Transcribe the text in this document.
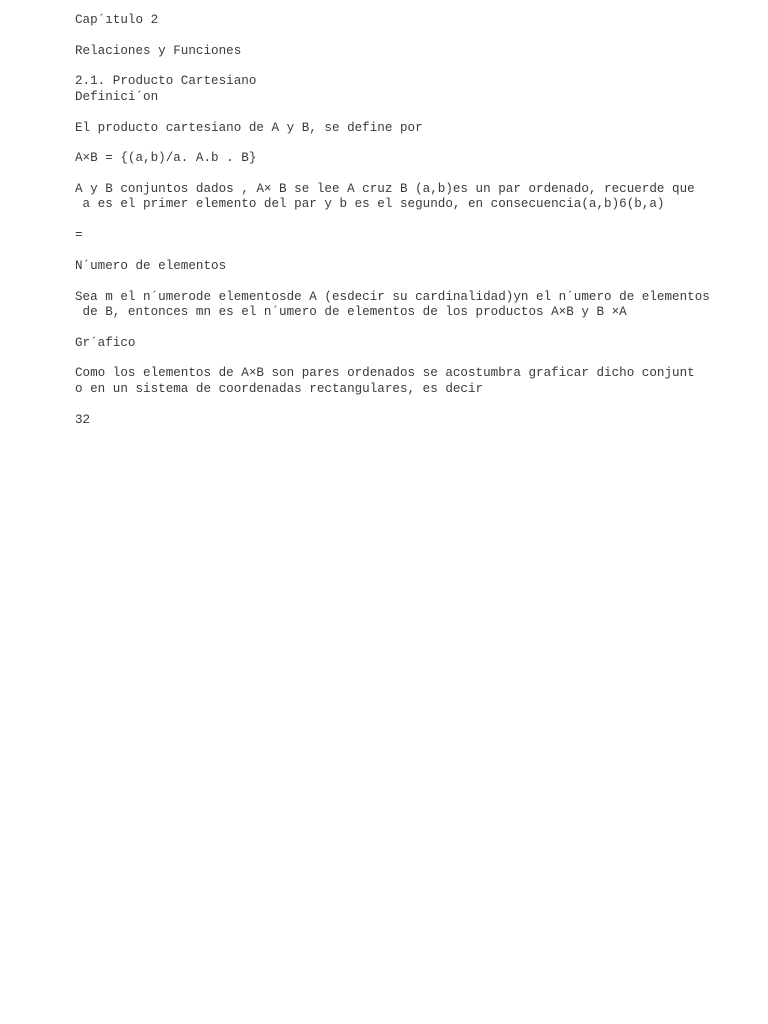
Cap´ıtulo 2
Relaciones y Funciones
2.1. Producto Cartesiano
Definici´on
El producto cartesiano de A y B, se define por
A×B = {(a,b)/a. A.b . B}
A y B conjuntos dados , A× B se lee A cruz B (a,b)es un par ordenado, recuerde que
a es el primer elemento del par y b es el segundo, en consecuencia(a,b)6(b,a)
=
N´umero de elementos
Sea m el n´umerode elementosde A (esdecir su cardinalidad)yn el n´umero de elementos
de B, entonces mn es el n´umero de elementos de los productos A×B y B ×A
Gr´afico
Como los elementos de A×B son pares ordenados se acostumbra graficar dicho conjunt
o en un sistema de coordenadas rectangulares, es decir
32
